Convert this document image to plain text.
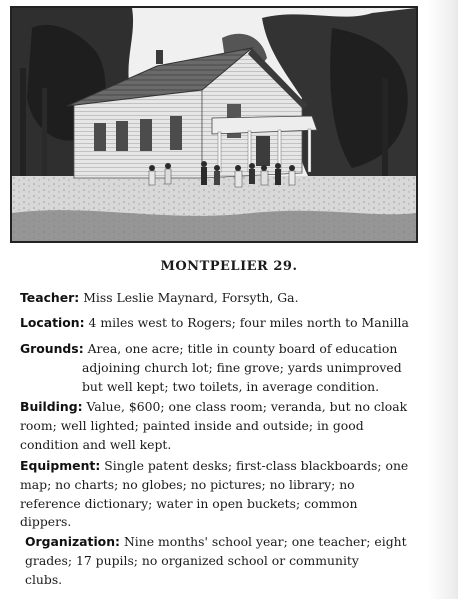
MONTPELIER 29.
Teacher: Miss Leslie Maynard, Forsyth, Ga.
Location: 4 miles west to Rogers; four miles north to Manilla
Grounds: Area, one acre; title in county board of education
adjoining church lot; fine grove; yards unimproved
but well kept; two toilets, in average condition.
Building: Value, $600; one class room; veranda, but no cloak
room; well lighted; painted inside and outside; in good
condition and well kept.
Equipment: Single patent desks; first-class blackboards; one
map; no charts; no globes; no pictures; no library; no
reference dictionary; water in open buckets; common
dippers.
Organization: Nine months' school year; one teacher; eight
grades; 17 pupils; no organized school or community
clubs.
